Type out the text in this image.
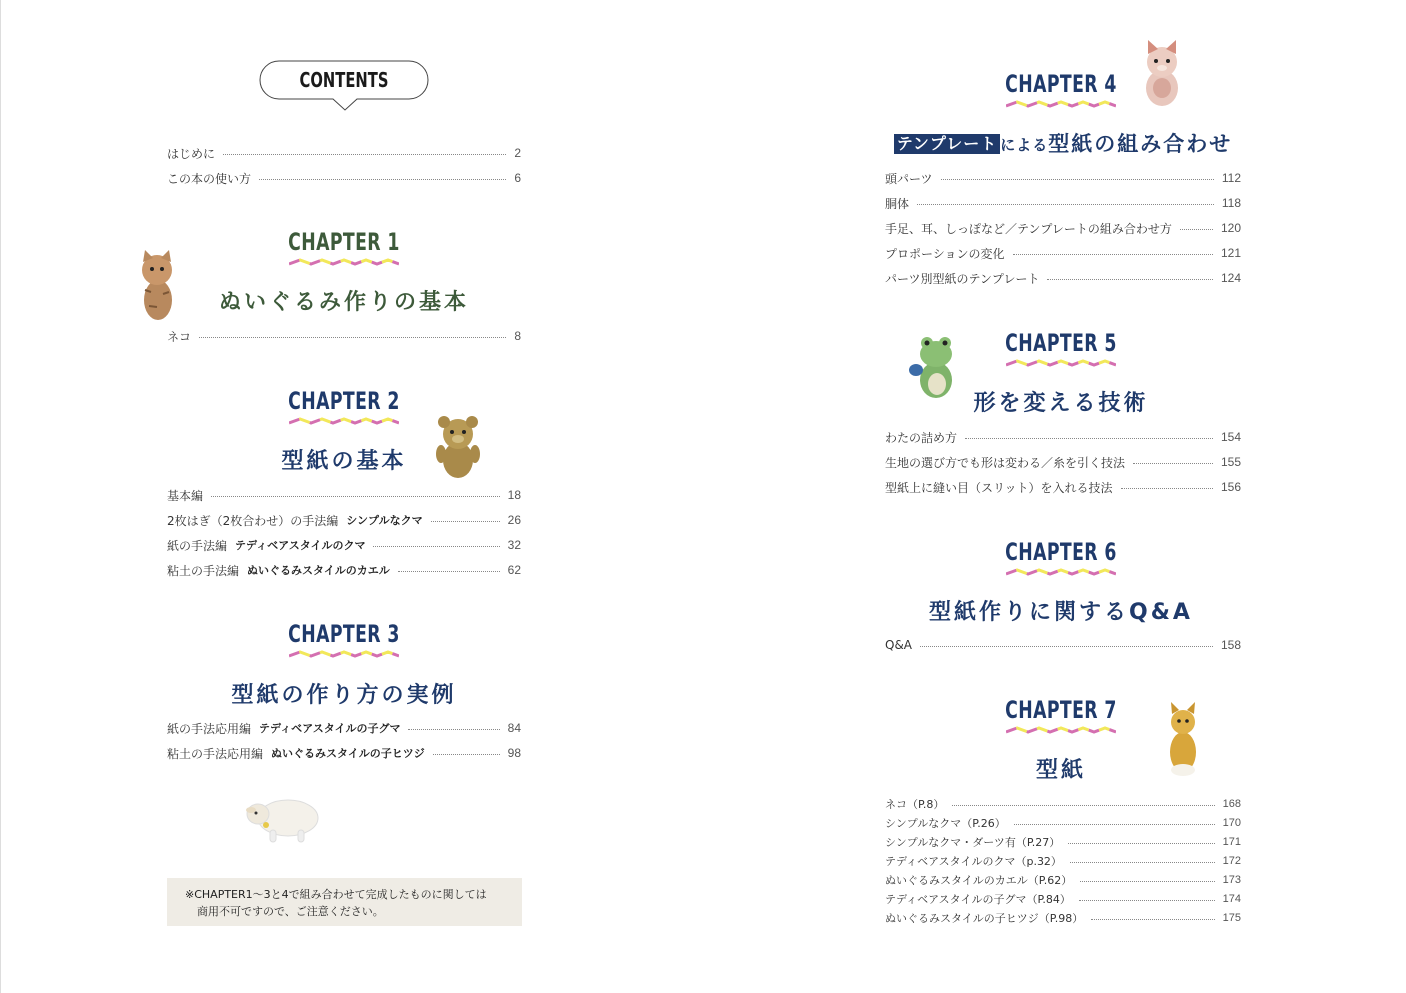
CONTENTS
はじめに	2
この本の使い方	6
CHAPTER 1
ぬいぐるみ作りの基本
ネコ	8
CHAPTER 2
型紙の基本
基本編	18
2枚はぎ（2枚合わせ）の手法編 シンプルなクマ	26
紙の手法編 テディベアスタイルのクマ	32
粘土の手法編 ぬいぐるみスタイルのカエル	62
CHAPTER 3
型紙の作り方の実例
紙の手法応用編 テディベアスタイルの子グマ	84
粘土の手法応用編 ぬいぐるみスタイルの子ヒツジ	98
※CHAPTER1〜3と4で組み合わせて完成したものに関しては
商用不可ですので、ご注意ください。
CHAPTER 4
テンプレート による型紙の組み合わせ
頭パーツ	112
胴体	118
手足、耳、しっぽなど／テンプレートの組み合わせ方	120
プロポーションの変化	121
パーツ別型紙のテンプレート	124
CHAPTER 5
形を変える技術
わたの詰め方	154
生地の選び方でも形は変わる／糸を引く技法	155
型紙上に縫い目（スリット）を入れる技法	156
CHAPTER 6
型紙作りに関するQ&A
Q&A	158
CHAPTER 7
型紙
ネコ（P.8）	168
シンプルなクマ（P.26）	170
シンプルなクマ・ダーツ有（P.27）	171
テディベアスタイルのクマ（p.32）	172
ぬいぐるみスタイルのカエル（P.62）	173
テディベアスタイルの子グマ（P.84）	174
ぬいぐるみスタイルの子ヒツジ（P.98）	175
